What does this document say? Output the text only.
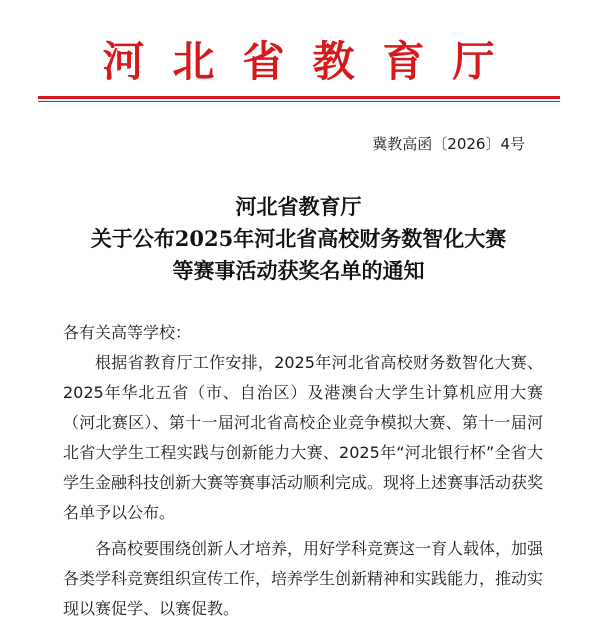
河北省教育厅
冀教高函〔2026〕4号
河北省教育厅
关于公布2025年河北省高校财务数智化大赛
等赛事活动获奖名单的通知
各有关高等学校：

根据省教育厅工作安排，2025年河北省高校财务数智化大赛、2025年华北五省（市、自治区）及港澳台大学生计算机应用大赛（河北赛区）、第十一届河北省高校企业竞争模拟大赛、第十一届河北省大学生工程实践与创新能力大赛、2025年“河北银行杯”全省大学生金融科技创新大赛等赛事活动顺利完成。现将上述赛事活动获奖名单予以公布。

各高校要围绕创新人才培养，用好学科竞赛这一育人载体，加强各类学科竞赛组织宣传工作，培养学生创新精神和实践能力，推动实现以赛促学、以赛促教。
